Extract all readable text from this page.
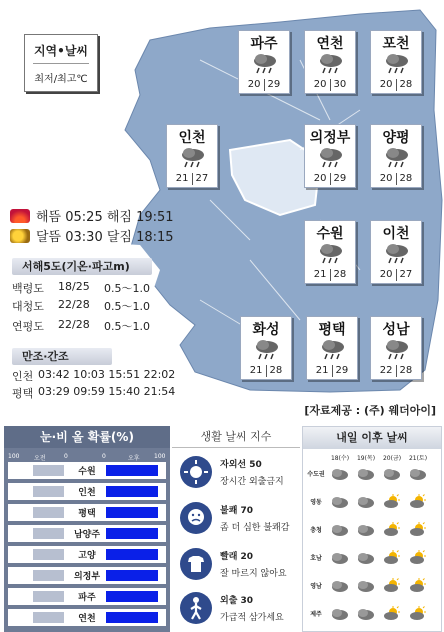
지역•날씨
최저/최고℃
파주
20 29
연천
20 30
포천
20 28
인천
21 27
의정부
20 29
양평
20 28
수원
21 28
이천
20 27
화성
21 28
평택
21 29
성남
22 28
해뜸 05:25 해짐 19:51
달뜸 03:30 달짐 18:15
서해5도(기온·파고m)
백령도	18/25	0.5～1.0
대청도	22/28	0.5～1.0
연평도	22/28	0.5～1.0
만조·간조
인천 03:42 10:03 15:51 22:02
평택 03:29 09:59 15:40 21:54
[자료제공 : (주) 웨더아이]
눈·비 올 확률(%)
100 오전	0	0	오후 100
수원
인천
평택
남양주
고양
의정부
파주
연천
생활 날씨 지수
자외선 50
장시간 외출금지
불쾌 70
좀 더 심한 불쾌감
빨래 20
잘 마르지 않아요
외출 30
가급적 삼가세요
내일 이후 날씨
18(수)	19(목)	20(금)	21(토)
수도권
영동
충청
호남
영남
제주
